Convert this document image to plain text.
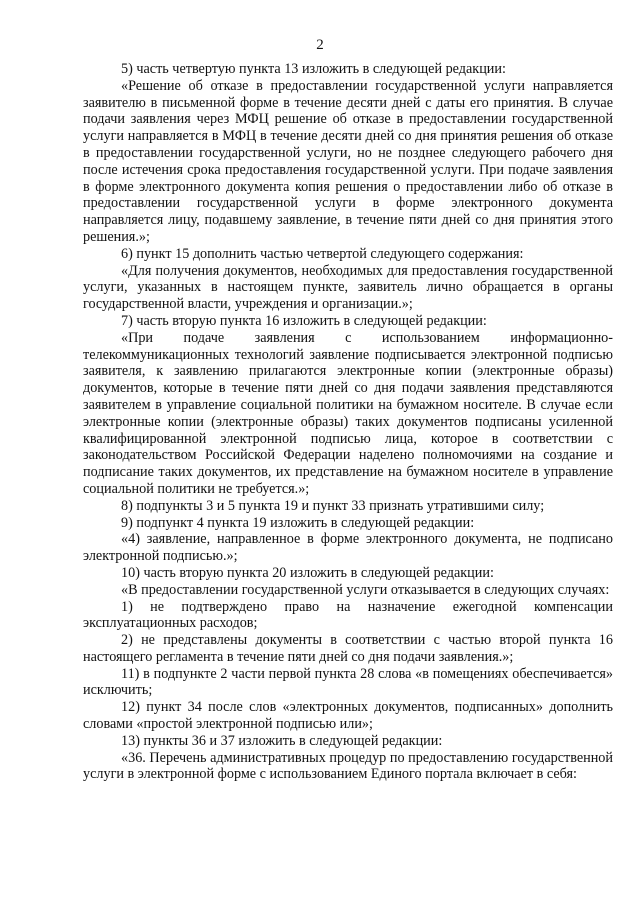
2

5) часть четвертую пункта 13 изложить в следующей редакции:

«Решение об отказе в предоставлении государственной услуги направляется заявителю в письменной форме в течение десяти дней с даты его принятия. В случае подачи заявления через МФЦ решение об отказе в предоставлении государственной услуги направляется в МФЦ в течение десяти дней со дня принятия решения об отказе в предоставлении государственной услуги, но не позднее следующего рабочего дня после истечения срока предоставления государственной услуги. При подаче заявления в форме электронного документа копия решения о предоставлении либо об отказе в предоставлении государственной услуги в форме электронного документа направляется лицу, подавшему заявление, в течение пяти дней со дня принятия этого решения.»;

6) пункт 15 дополнить частью четвертой следующего содержания:

«Для получения документов, необходимых для предоставления государственной услуги, указанных в настоящем пункте, заявитель лично обращается в органы государственной власти, учреждения и организации.»;

7) часть вторую пункта 16 изложить в следующей редакции:

«При подаче заявления с использованием информационно-телекоммуникационных технологий заявление подписывается электронной подписью заявителя, к заявлению прилагаются электронные копии (электронные образы) документов, которые в течение пяти дней со дня подачи заявления представляются заявителем в управление социальной политики на бумажном носителе. В случае если электронные копии (электронные образы) таких документов подписаны усиленной квалифицированной электронной подписью лица, которое в соответствии с законодательством Российской Федерации наделено полномочиями на создание и подписание таких документов, их представление на бумажном носителе в управление социальной политики не требуется.»;

8) подпункты 3 и 5 пункта 19 и пункт 33 признать утратившими силу;

9) подпункт 4 пункта 19 изложить в следующей редакции:

«4) заявление, направленное в форме электронного документа, не подписано электронной подписью.»;

10) часть вторую пункта 20 изложить в следующей редакции:

«В предоставлении государственной услуги отказывается в следующих случаях:

1) не подтверждено право на назначение ежегодной компенсации эксплуатационных расходов;

2) не представлены документы в соответствии с частью второй пункта 16 настоящего регламента в течение пяти дней со дня подачи заявления.»;

11) в подпункте 2 части первой пункта 28 слова «в помещениях обеспечивается» исключить;

12) пункт 34 после слов «электронных документов, подписанных» дополнить словами «простой электронной подписью или»;

13) пункты 36 и 37 изложить в следующей редакции:

«36. Перечень административных процедур по предоставлению государственной услуги в электронной форме с использованием Единого портала включает в себя:
